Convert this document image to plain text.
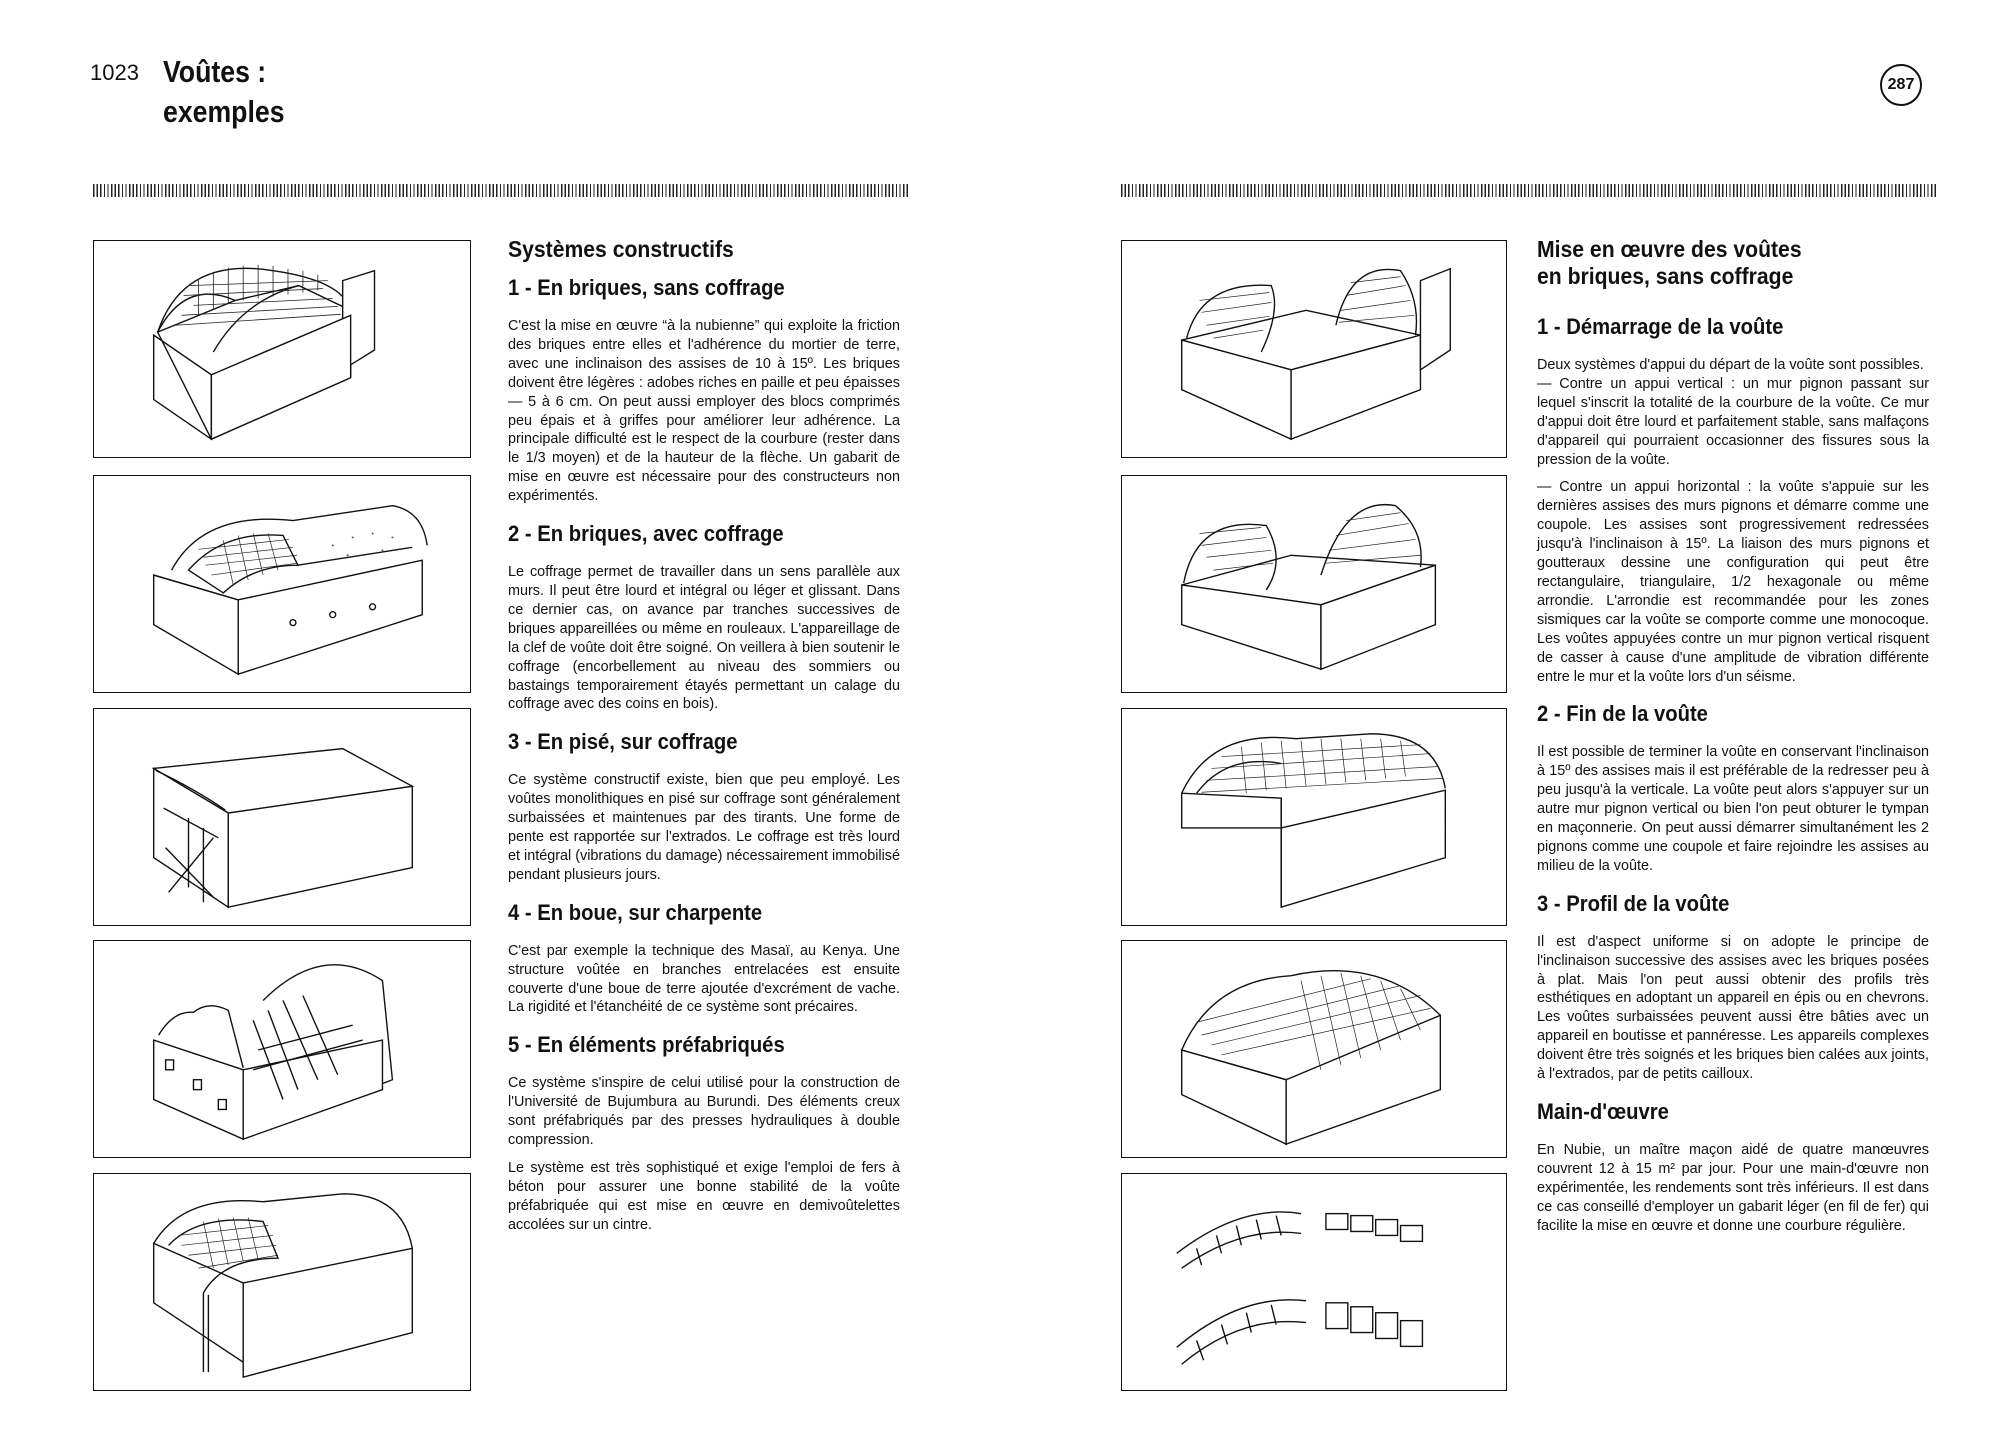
1023 Voûtes :
exemples
287
Systèmes constructifs
1 - En briques, sans coffrage

C'est la mise en œuvre “à la nubienne” qui exploite la friction des briques entre elles et l'adhérence du mortier de terre, avec une inclinaison des assises de 10 à 15º. Les briques doivent être légères : adobes riches en paille et peu épaisses — 5 à 6 cm. On peut aussi employer des blocs comprimés peu épais et à griffes pour améliorer leur adhérence. La principale difficulté est le respect de la courbure (rester dans le 1/3 moyen) et de la hauteur de la flèche. Un gabarit de mise en œuvre est nécessaire pour des constructeurs non expérimentés.

2 - En briques, avec coffrage

Le coffrage permet de travailler dans un sens parallèle aux murs. Il peut être lourd et intégral ou léger et glissant. Dans ce dernier cas, on avance par tranches successives de briques appareillées ou même en rouleaux. L'appareillage de la clef de voûte doit être soigné. On veillera à bien soutenir le coffrage (encorbellement au niveau des sommiers ou bastaings temporairement étayés permettant un calage du coffrage avec des coins en bois).

3 - En pisé, sur coffrage

Ce système constructif existe, bien que peu employé. Les voûtes monolithiques en pisé sur coffrage sont généralement surbaissées et maintenues par des tirants. Une forme de pente est rapportée sur l'extrados. Le coffrage est très lourd et intégral (vibrations du damage) nécessairement immobilisé pendant plusieurs jours.

4 - En boue, sur charpente

C'est par exemple la technique des Masaï, au Kenya. Une structure voûtée en branches entrelacées est ensuite couverte d'une boue de terre ajoutée d'excrément de vache. La rigidité et l'étanchéité de ce système sont précaires.

5 - En éléments préfabriqués

Ce système s'inspire de celui utilisé pour la construction de l'Université de Bujumbura au Burundi. Des éléments creux sont préfabriqués par des presses hydrauliques à double compression.

Le système est très sophistiqué et exige l'emploi de fers à béton pour assurer une bonne stabilité de la voûte préfabriquée qui est mise en œuvre en demivoûtelettes accolées sur un cintre.

Mise en œuvre des voûtes
en briques, sans coffrage
1 - Démarrage de la voûte

Deux systèmes d'appui du départ de la voûte sont possibles.
— Contre un appui vertical : un mur pignon passant sur lequel s'inscrit la totalité de la courbure de la voûte. Ce mur d'appui doit être lourd et parfaitement stable, sans malfaçons d'appareil qui pourraient occasionner des fissures sous la pression de la voûte.

— Contre un appui horizontal : la voûte s'appuie sur les dernières assises des murs pignons et démarre comme une coupole. Les assises sont progressivement redressées jusqu'à l'inclinaison à 15º. La liaison des murs pignons et goutteraux dessine une configuration qui peut être rectangulaire, triangulaire, 1/2 hexagonale ou même arrondie. L'arrondie est recommandée pour les zones sismiques car la voûte se comporte comme une monocoque. Les voûtes appuyées contre un mur pignon vertical risquent de casser à cause d'une amplitude de vibration différente entre le mur et la voûte lors d'un séisme.

2 - Fin de la voûte

Il est possible de terminer la voûte en conservant l'inclinaison à 15º des assises mais il est préférable de la redresser peu à peu jusqu'à la verticale. La voûte peut alors s'appuyer sur un autre mur pignon vertical ou bien l'on peut obturer le tympan en maçonnerie. On peut aussi démarrer simultanément les 2 pignons comme une coupole et faire rejoindre les assises au milieu de la voûte.

3 - Profil de la voûte

Il est d'aspect uniforme si on adopte le principe de l'inclinaison successive des assises avec les briques posées à plat. Mais l'on peut aussi obtenir des profils très esthétiques en adoptant un appareil en épis ou en chevrons. Les voûtes surbaissées peuvent aussi être bâties avec un appareil en boutisse et pannéresse. Les appareils complexes doivent être très soignés et les briques bien calées aux joints, à l'extrados, par de petits cailloux.

Main-d'œuvre

En Nubie, un maître maçon aidé de quatre manœuvres couvrent 12 à 15 m² par jour. Pour une main-d'œuvre non expérimentée, les rendements sont très inférieurs. Il est dans ce cas conseillé d'employer un gabarit léger (en fil de fer) qui facilite la mise en œuvre et donne une courbure régulière.
